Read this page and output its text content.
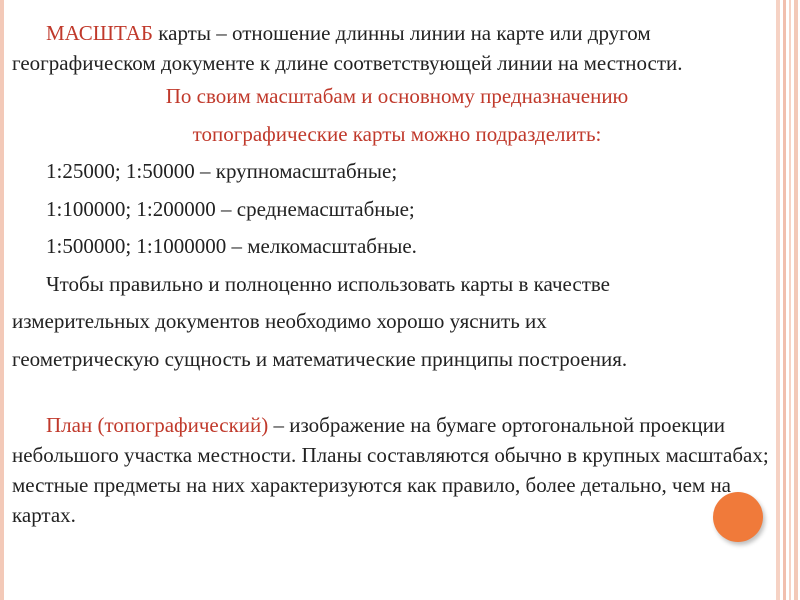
МАСШТАБ карты – отношение длинны линии на карте или другом географическом документе к длине соответствующей линии на местности.

По своим масштабам и основному предназначению

топографические карты можно подразделить:

1:25000; 1:50000 – крупномасштабные;

1:100000; 1:200000 – среднемасштабные;

1:500000; 1:1000000 – мелкомасштабные.

Чтобы правильно и полноценно использовать карты в качестве

измерительных документов необходимо хорошо уяснить их

геометрическую сущность и математические принципы построения.

План (топографический) – изображение на бумаге ортогональной проекции небольшого участка местности. Планы составляются обычно в крупных масштабах; местные предметы на них характеризуются как правило, более детально, чем на картах.
